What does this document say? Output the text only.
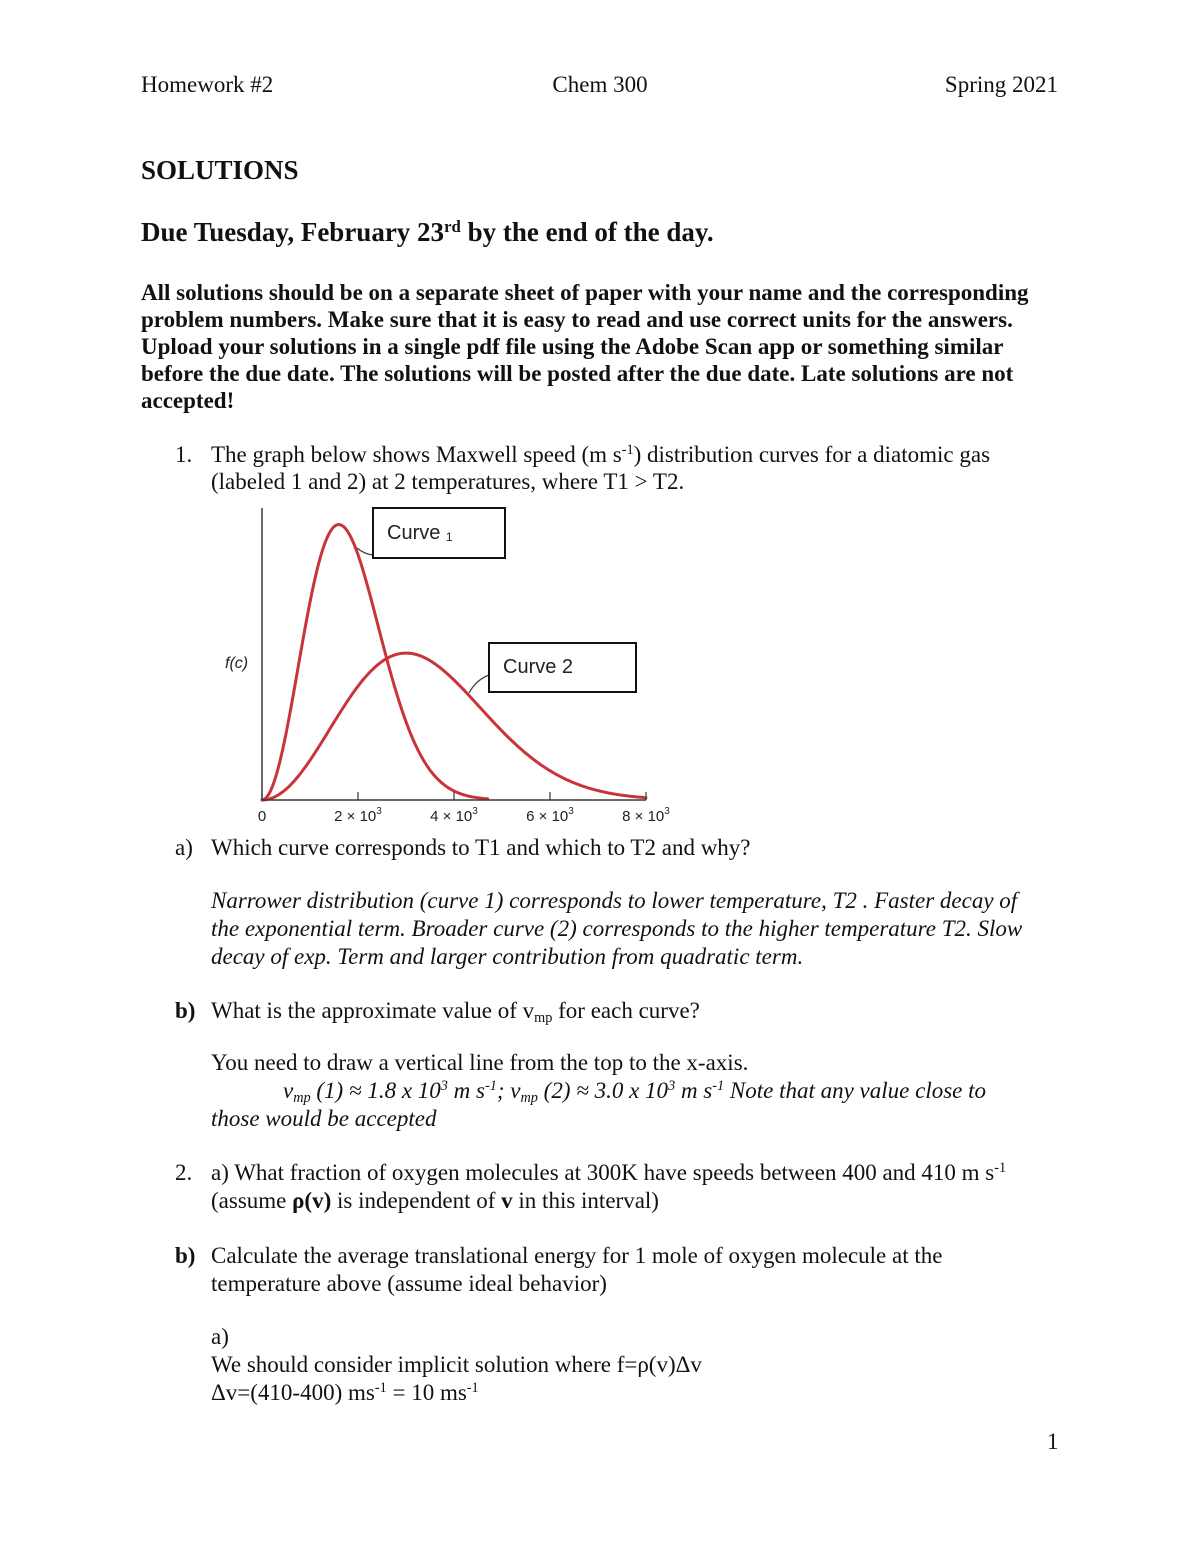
Homework #2	Chem 300	Spring 2021
SOLUTIONS
Due Tuesday, February 23rd by the end of the day.
All solutions should be on a separate sheet of paper with your name and the corresponding
problem numbers. Make sure that it is easy to read and use correct units for the answers.
Upload your solutions in a single pdf file using the Adobe Scan app or something similar
before the due date. The solutions will be posted after the due date. Late solutions are not
accepted!
1. The graph below shows Maxwell speed (m $s^{-1}$) distribution curves for a diatomic gas
(labeled 1 and 2) at 2 temperatures, where T1 > T2.
0	$2 \times 10^3$	$4 \times 10^3$	$6 \times 10^3$	$8 \times 10^3$
f(c)
Curve
$_1$
Curve 2
a) Which curve corresponds to T1 and which to T2 and why?
Narrower distribution (curve 1) corresponds to lower temperature, T2 . Faster decay of
the exponential term. Broader curve (2) corresponds to the higher temperature T2. Slow
decay of exp. Term and larger contribution from quadratic term.
b) What is the approximate value of $v_{mp}$ for each curve?
You need to draw a vertical line from the top to the x-axis.
$v_{mp}$ (1) ≈ 1.8 x $10^3$ m $s^{-1}$; $v_{mp}$ (2) ≈ 3.0 x $10^3$ m $s^{-1}$ Note that any value close to
those would be accepted
2. a) What fraction of oxygen molecules at 300K have speeds between 400 and 410 m $s^{-1}$
(assume ρ(v) is independent of v in this interval)
b) Calculate the average translational energy for 1 mole of oxygen molecule at the
temperature above (assume ideal behavior)
a)
We should consider implicit solution where f=ρ(v)Δv
Δv=(410-400) $ms^{-1} = 10$ $ms^{-1}$
1
